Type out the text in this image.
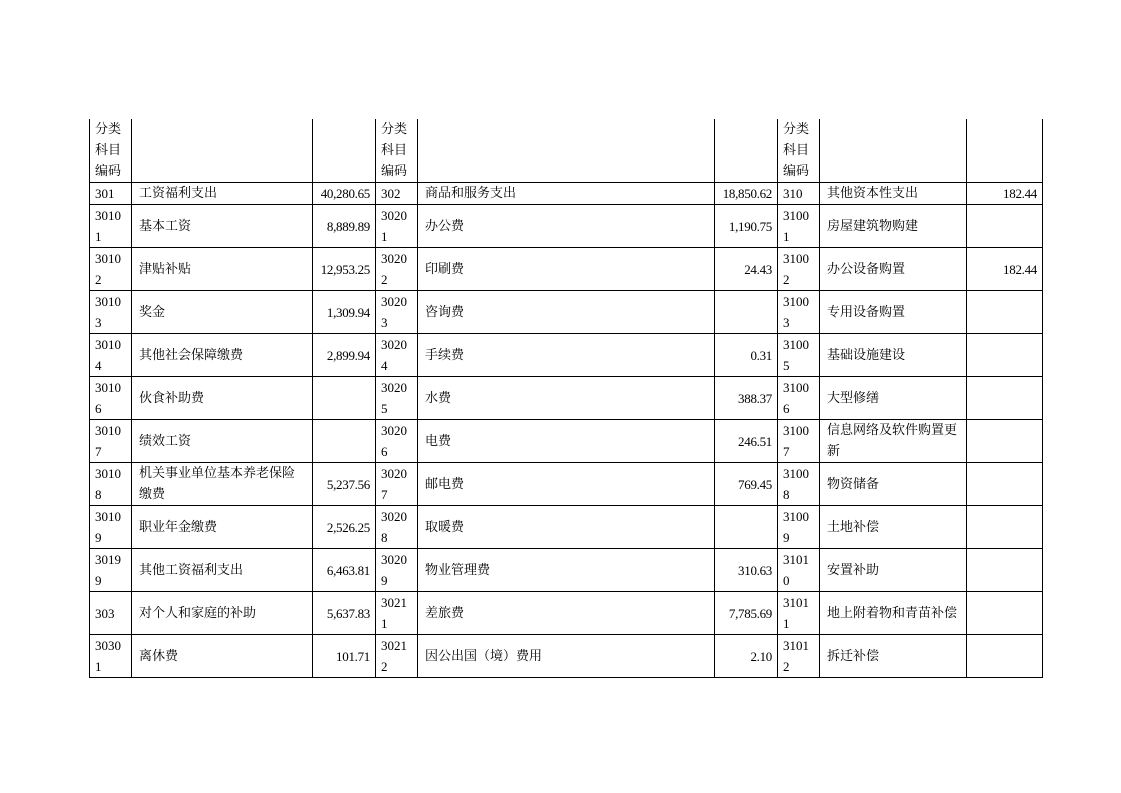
分类科目编码			分类科目编码			分类科目编码		
301	工资福利支出	40,280.65	302	商品和服务支出	18,850.62	310	其他资本性支出	182.44
30101	基本工资	8,889.89	30201	办公费	1,190.75	31001	房屋建筑物购建	
30102	津贴补贴	12,953.25	30202	印刷费	24.43	31002	办公设备购置	182.44
30103	奖金	1,309.94	30203	咨询费		31003	专用设备购置	
30104	其他社会保障缴费	2,899.94	30204	手续费	0.31	31005	基础设施建设	
30106	伙食补助费		30205	水费	388.37	31006	大型修缮	
30107	绩效工资		30206	电费	246.51	31007	信息网络及软件购置更新	
30108	机关事业单位基本养老保险缴费	5,237.56	30207	邮电费	769.45	31008	物资储备	
30109	职业年金缴费	2,526.25	30208	取暖费		31009	土地补偿	
30199	其他工资福利支出	6,463.81	30209	物业管理费	310.63	31010	安置补助	
303	对个人和家庭的补助	5,637.83	30211	差旅费	7,785.69	31011	地上附着物和青苗补偿	
30301	离休费	101.71	30212	因公出国（境）费用	2.10	31012	拆迁补偿	
